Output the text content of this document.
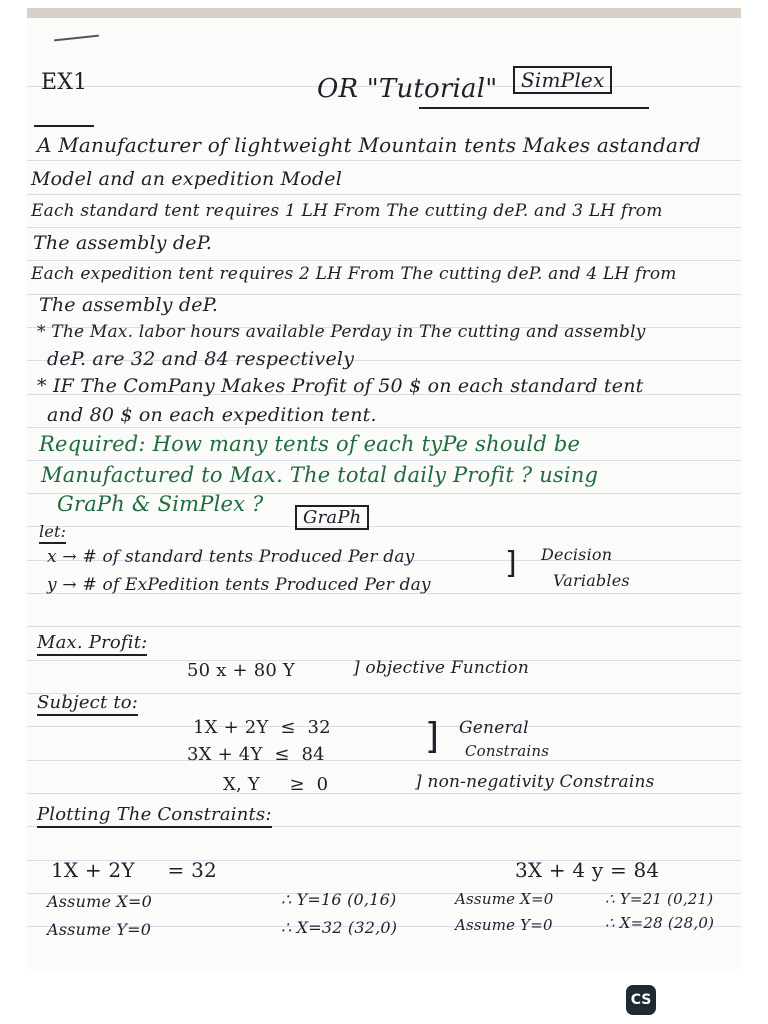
EX1	OR "Tutorial"	SimPlex
A Manufacturer of lightweight Mountain tents Makes astandard
Model and an expedition Model
Each standard tent requires 1 LH From The cutting deP. and 3 LH from
The assembly deP.
Each expedition tent requires 2 LH From The cutting deP. and 4 LH from
The assembly deP.
* The Max. labor hours available Perday in The cutting and assembly
deP. are 32 and 84 respectively
* IF The ComPany Makes Profit of 50 $ on each standard tent
and 80 $ on each expedition tent.
Required: How many tents of each tyPe should be
Manufactured to Max. The total daily Profit ? using
GraPh & SimPlex ?
GraPh
let:
x → # of standard tents Produced Per day
y → # of ExPedition tents Produced Per day
] Decision
Variables
Max. Profit:
50 x + 80 Y	] objective Function
Subject to:
1X + 2Y  ≤  32
3X + 4Y  ≤  84	] General
Constrains
X, Y     ≥  0	] non-negativity Constrains
Plotting The Constraints:
1X + 2Y     = 32	3X + 4 y = 84
Assume X=0	∴ Y=16 (0,16)
Assume Y=0	∴ X=32 (32,0)
Assume X=0	∴ Y=21 (0,21)
Assume Y=0	∴ X=28 (28,0)
CS
